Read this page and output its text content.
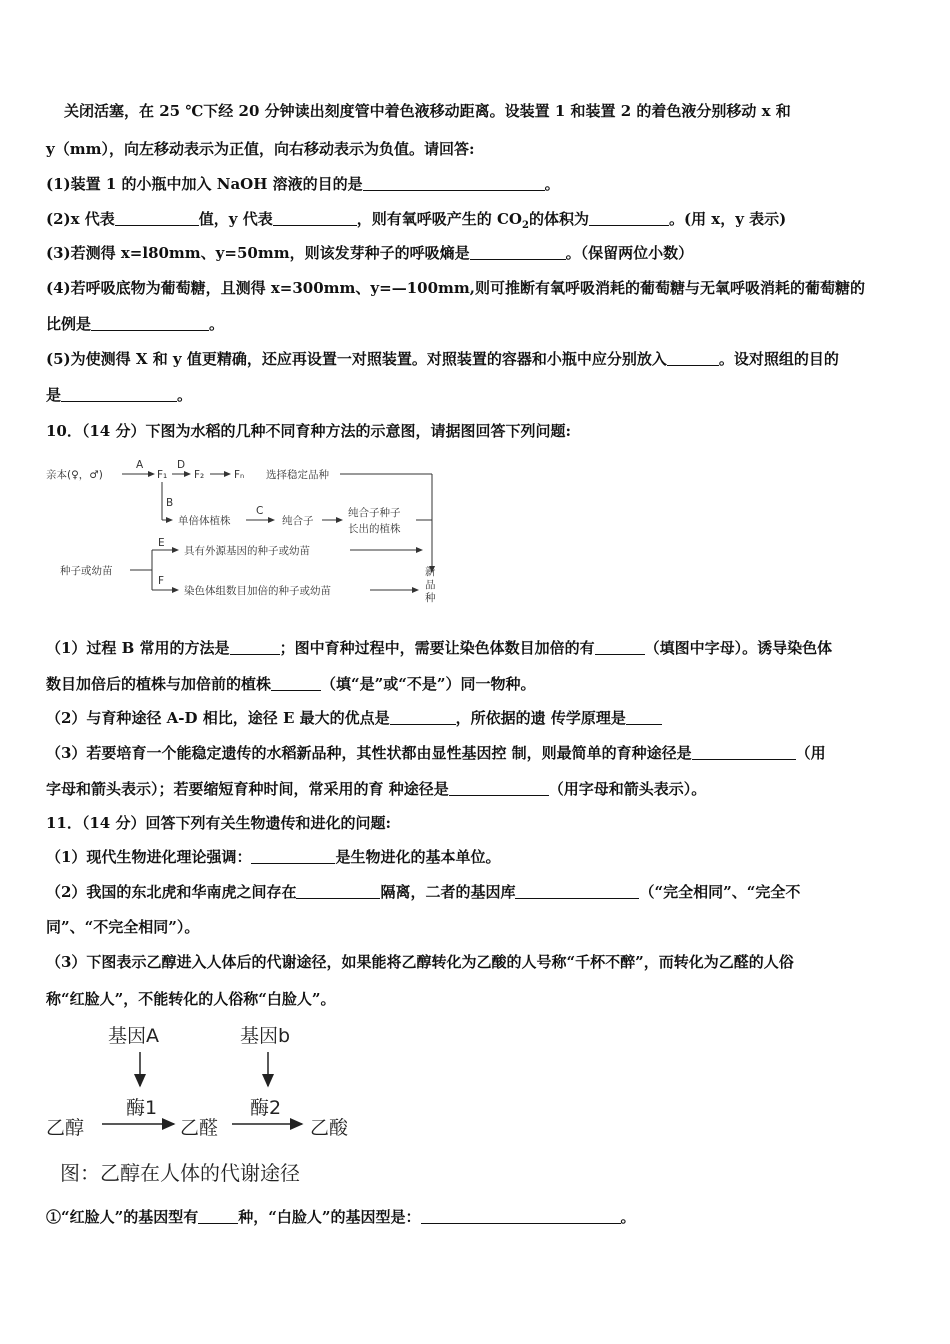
关闭活塞，在 25 ℃下经 20 分钟读出刻度管中着色液移动距离。设装置 1 和装置 2 的着色液分别移动 x 和
y（mm），向左移动表示为正值，向右移动表示为负值。请回答:
(1)装置 1 的小瓶中加入 NaOH 溶液的目的是	。
(2)x 代表	值，y 代表	，则有氧呼吸产生的 $CO_2$的体积为	。(用 x，y 表示)
(3)若测得 x=l80mm、y=50mm，则该发芽种子的呼吸熵是	。（保留两位小数）
(4)若呼吸底物为葡萄糖，且测得 x=300mm、y=—100mm,则可推断有氧呼吸消耗的葡萄糖与无氧呼吸消耗的葡萄糖的
比例是	。
(5)为使测得 X 和 y 值更精确，还应再设置一对照装置。对照装置的容器和小瓶中应分别放入	。设对照组的目的
是	。
10．（14 分）下图为水稻的几种不同育种方法的示意图，请据图回答下列问题:
亲本(♀，♂)
A
F₁
D
F₂	Fₙ 选择稳定品种
B
单倍体植株
C
纯合子
纯合子种子
长出的植株
种子或幼苗
E
具有外源基因的种子或幼苗
F
染色体组数目加倍的种子或幼苗
新
品
种
（1）过程 B 常用的方法是	；图中育种过程中，需要让染色体数目加倍的有	（填图中字母）。诱导染色体
数目加倍后的植株与加倍前的植株	（填“是”或“不是”）同一物种。
（2）与育种途径 A-D 相比，途径 E 最大的优点是	，所依据的遗 传学原理是
（3）若要培育一个能稳定遗传的水稻新品种，其性状都由显性基因控 制，则最简单的育种途径是	（用
字母和箭头表示）；若要缩短育种时间，常采用的育 种途径是	（用字母和箭头表示）。
11．（14 分）回答下列有关生物遗传和进化的问题:
（1）现代生物进化理论强调：	是生物进化的基本单位。
（2）我国的东北虎和华南虎之间存在	隔离，二者的基因库	（“完全相同”、“完全不
同”、“不完全相同”）。
（3）下图表示乙醇进入人体后的代谢途径，如果能将乙醇转化为乙酸的人号称“千杯不醉”，而转化为乙醛的人俗
称“红脸人”，不能转化的人俗称“白脸人”。
基因A	基因b
酶1	酶2
乙醇	乙醛	乙酸
图：乙醇在人体的代谢途径
①“红脸人”的基因型有	种，“白脸人”的基因型是：	。
